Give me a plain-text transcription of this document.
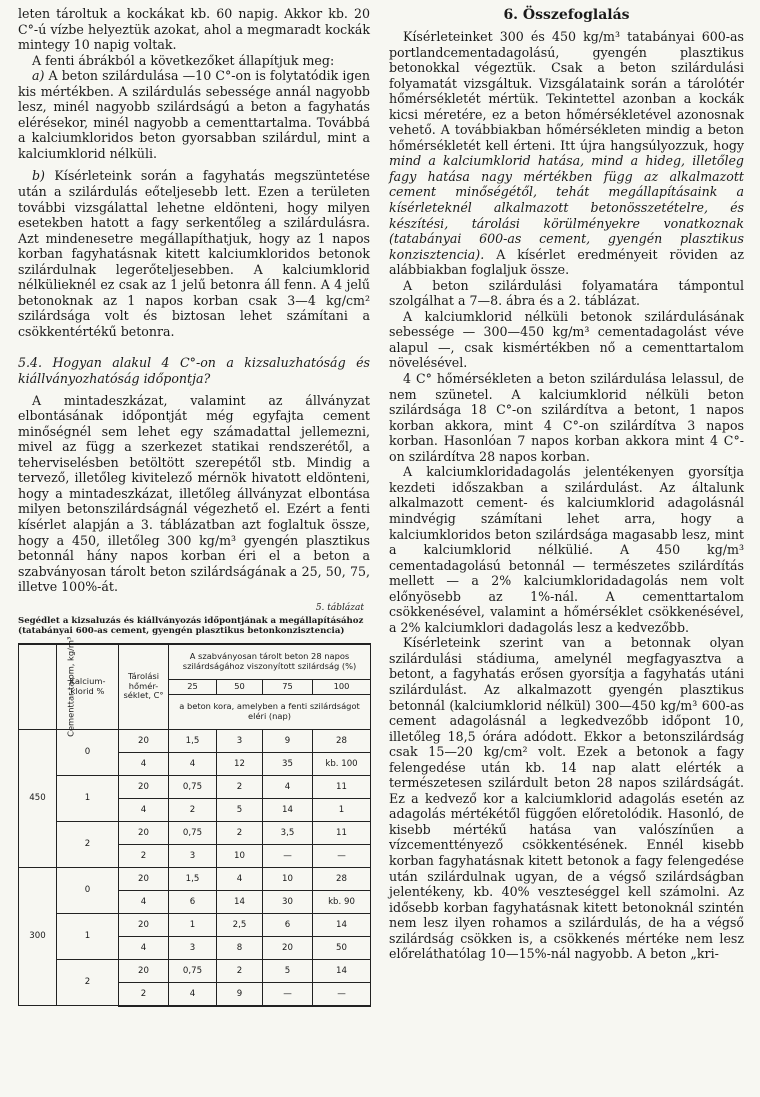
leten tároltuk a kockákat kb. 60 napig. Akkor kb. 20 C°-ú vízbe helyeztük azokat, ahol a megmaradt kockák mintegy 10 napig voltak.

A fenti ábrákból a következőket állapítjuk meg:

a) A beton szilárdulása —10 C°-on is folytatódik igen kis mértékben. A szilárdulás sebessége annál nagyobb lesz, minél nagyobb szilárdságú a beton a fagyhatás elérésekor, minél nagyobb a cementtartalma. Továbbá a kalciumkloridos beton gyorsabban szilárdul, mint a kalciumklorid nélküli.

b) Kísérleteink során a fagyhatás megszüntetése után a szilárdulás eőteljesebb lett. Ezen a területen további vizsgálattal lehetne eldönteni, hogy milyen esetekben hatott a fagy serkentőleg a szilárdulásra. Azt mindenesetre megállapíthatjuk, hogy az 1 napos korban fagyhatásnak kitett kalciumkloridos betonok szilárdulnak legerőteljesebben. A kalciumklorid nélkülieknél ez csak az 1 jelű betonra áll fenn. A 4 jelű betonoknak az 1 napos korban csak 3—4 kg/cm² szilárdsága volt és biztosan lehet számítani a csökkentértékű betonra.

5.4. Hogyan alakul 4 C°-on a kizsaluzhatóság és kiállványozhatóság időpontja?

A mintadeszkázat, valamint az állványzat elbontásának időpontját még egyfajta cement minőségnél sem lehet egy számadattal jellemezni, mivel az függ a szerkezet statikai rendszerétől, a teherviselésben betöltött szerepétől stb. Mindig a tervező, illetőleg kivitelező mérnök hivatott eldönteni, hogy a mintadeszkázat, illetőleg állványzat elbontása milyen betonszilárdságnál végezhető el. Ezért a fenti kísérlet alapján a 3. táblázatban azt foglaltuk össze, hogy a 450, illetőleg 300 kg/m³ gyengén plasztikus betonnál hány napos korban éri el a beton a szabványosan tárolt beton szilárdságának a 25, 50, 75, illetve 100%-át.

5. táblázat
Segédlet a kizsaluzás és kiállványozás időpontjának a megállapításához (tatabányai 600-as cement, gyengén plasztikus betonkonzisztencia)
Cementtar-talom, kg/m³	Kalcium-klorid %	Tárolási hőmér-séklet, C°	A szabványosan tárolt beton 28 napos szilárdságához viszonyított szilárdság (%)			
			25	50	75	100
			a beton kora, amelyben a fenti szilárdságot eléri (nap)			
450	0	20	1,5	3	9	28
		4	4	12	35	kb. 100
	1	20	0,75	2	4	11
		4	2	5	14	1
	2	20	0,75	2	3,5	11
		2	3	10	—	—
300	0	20	1,5	4	10	28
		4	6	14	30	kb. 90
	1	20	1	2,5	6	14
		4	3	8	20	50
	2	20	0,75	2	5	14
		2	4	9	—	—
6. Összefoglalás

Kísérleteinket 300 és 450 kg/m³ tatabányai 600-as portlandcementadagolású, gyengén plasztikus betonokkal végeztük. Csak a beton szilárdulási folyamatát vizsgáltuk. Vizsgálataink során a tárolótér hőmérsékletét mértük. Tekintettel azonban a kockák kicsi méretére, ez a beton hőmérsékletével azonosnak vehető. A továbbiakban hőmérsékleten mindig a beton hőmérsékletét kell érteni. Itt újra hangsúlyozzuk, hogy mind a kalciumklorid hatása, mind a hideg, illetőleg fagy hatása nagy mértékben függ az alkalmazott cement minőségétől, tehát megállapításaink a kísérleteknél alkalmazott betonösszetételre, és készítési, tárolási körülményekre vonatkoznak (tatabányai 600-as cement, gyengén plasztikus konzisztencia). A kísérlet eredményeit röviden az alábbiakban foglaljuk össze.

A beton szilárdulási folyamatára támpontul szolgálhat a 7—8. ábra és a 2. táblázat.

A kalciumklorid nélküli betonok szilárdulásának sebessége — 300—450 kg/m³ cementadagolást véve alapul —, csak kismértékben nő a cementtartalom növelésével.

4 C° hőmérsékleten a beton szilárdulása lelassul, de nem szünetel. A kalciumklorid nélküli beton szilárdsága 18 C°-on szilárdítva a betont, 1 napos korban akkora, mint 4 C°-on szilárdítva 3 napos korban. Hasonlóan 7 napos korban akkora mint 4 C°-on szilárdítva 28 napos korban.

A kalciumkloridadagolás jelentékenyen gyorsítja kezdeti időszakban a szilárdulást. Az általunk alkalmazott cement- és kalciumklorid adagolásnál mindvégig számítani lehet arra, hogy a kalciumkloridos beton szilárdsága magasabb lesz, mint a kalciumklorid nélkülié. A 450 kg/m³ cementadagolású betonnál — természetes szilárdítás mellett — a 2% kalciumkloridadagolás nem volt előnyösebb az 1%-nál. A cementtartalom csökkenésével, valamint a hőmérséklet csökkenésével, a 2% kalciumklori dadagolás lesz a kedvezőbb.

Kísérleteink szerint van a betonnak olyan szilárdulási stádiuma, amelynél megfagyasztva a betont, a fagyhatás erősen gyorsítja a fagyhatás utáni szilárdulást. Az alkalmazott gyengén plasztikus betonnál (kalciumklorid nélkül) 300—450 kg/m³ 600-as cement adagolásnál a legkedvezőbb időpont 10, illetőleg 18,5 órára adódott. Ekkor a betonszilárdság csak 15—20 kg/cm² volt. Ezek a betonok a fagy felengedése után kb. 14 nap alatt elérték a természetesen szilárdult beton 28 napos szilárdságát. Ez a kedvező kor a kalciumklorid adagolás esetén az adagolás mértékétől függően előretolódik. Hasonló, de kisebb mértékű hatása van valószínűen a vízcementtényező csökkentésének. Ennél kisebb korban fagyhatásnak kitett betonok a fagy felengedése után szilárdulnak ugyan, de a végső szilárdságban jelentékeny, kb. 40% veszteséggel kell számolni. Az idősebb korban fagyhatásnak kitett betonoknál szintén nem lesz ilyen rohamos a szilárdulás, de ha a végső szilárdság csökken is, a csökkenés mértéke nem lesz előreláthatólag 10—15%-nál nagyobb. A beton „kri-
